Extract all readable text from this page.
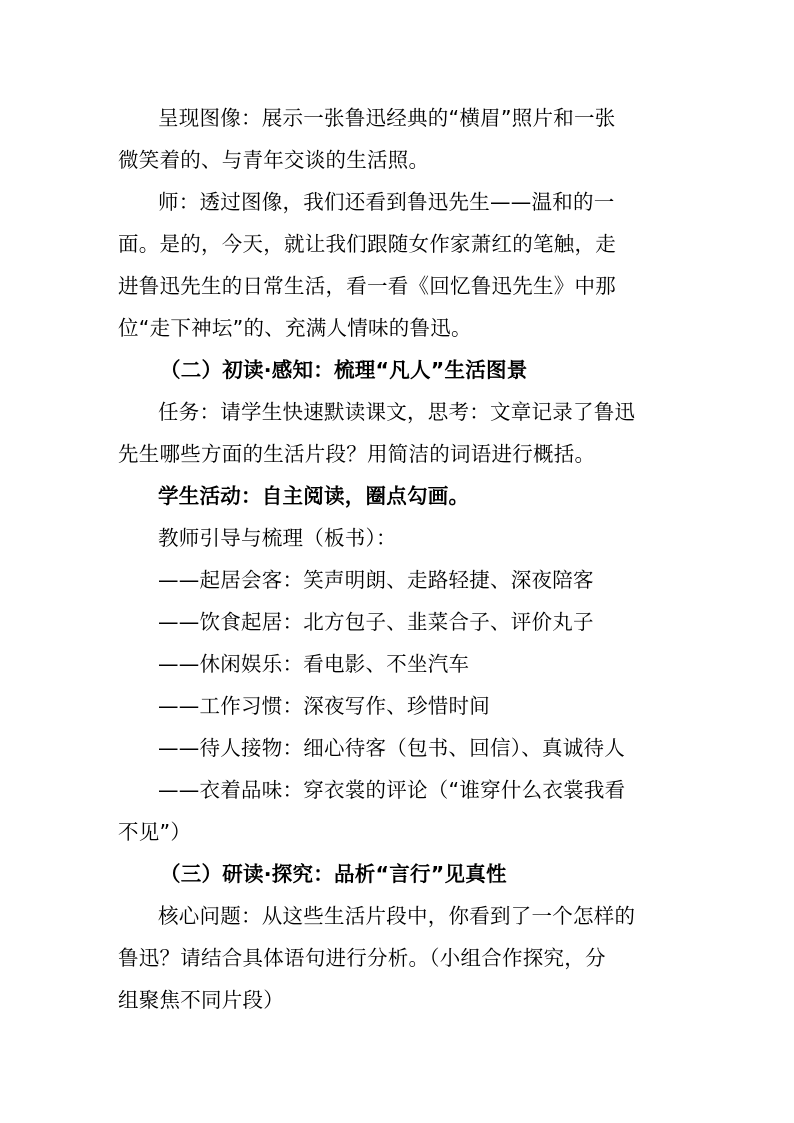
呈现图像：展示一张鲁迅经典的“横眉”照片和一张
微笑着的、与青年交谈的生活照。
师：透过图像，我们还看到鲁迅先生——温和的一
面。是的，今天，就让我们跟随女作家萧红的笔触，走
进鲁迅先生的日常生活，看一看《回忆鲁迅先生》中那
位“走下神坛”的、充满人情味的鲁迅。
（二）初读·感知：梳理“凡人”生活图景
任务：请学生快速默读课文，思考：文章记录了鲁迅
先生哪些方面的生活片段？用简洁的词语进行概括。
学生活动：自主阅读，圈点勾画。
教师引导与梳理（板书）：
——起居会客：笑声明朗、走路轻捷、深夜陪客
——饮食起居：北方包子、韭菜合子、评价丸子
——休闲娱乐：看电影、不坐汽车
——工作习惯：深夜写作、珍惜时间
——待人接物：细心待客（包书、回信）、真诚待人
——衣着品味：穿衣裳的评论（“谁穿什么衣裳我看
不见”）
（三）研读·探究：品析“言行”见真性
核心问题：从这些生活片段中，你看到了一个怎样的
鲁迅？请结合具体语句进行分析。（小组合作探究，分
组聚焦不同片段）
